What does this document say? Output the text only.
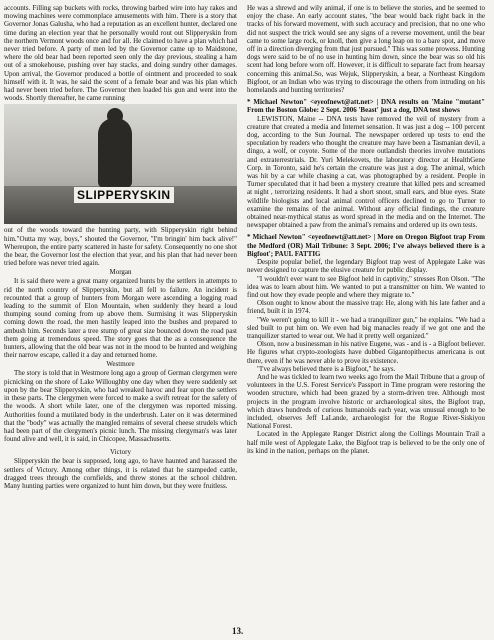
accounts. Filling sap buckets with rocks, throwing barbed wire into hay rakes and mowing machines were commonplace amusements with him. There is a story that Governor Jonas Galusha, who had a reputation as an excellent hunter, declared one time during an election year that he personally would rout out Slipperyskin from the northern Vermont woods once and for all. He claimed to have a plan which had never tried before. A party of men led by the Governor came up to Maidstone, where the old bear had been reported seen only the day previous, stealing a ham out of a smokehouse, pushing over hay stacks, and doing sundry other damages. Upon arrival, the Governor produced a bottle of ointment and proceeded to soak himself with it. It was, he said the scent of a female bear and was his plan which had never been tried before. The Governor then loaded his gun and went into the woods. Shortly thereafter, he came running

SLIPPERYSKIN

out of the woods toward the hunting party, with Slipperyskin right behind him."Outta my way, boys," shouted the Governor, "I'm bringin' him back alive!" Whereupon, the entire party scattered in haste for safety. Consequently no one shot the bear, the Governor lost the election that year, and his plan that had never been tried before was never tried again.

Morgan

It is said there were a great many organized hunts by the settlers in attempts to rid the north country of Slipperyskin, but all fell to failure. An incident is recounted that a group of hunters from Morgan were ascending a logging road leading to the summit of Elon Mountain, when suddenly they heard a loud thumping sound coming from up above them. Surmising it was Slipperyskin coming down the road, the men hastily leaped into the bushes and prepared to ambush him. Seconds later a tree stump of great size bounced down the road past them going at tremendous speed. The story goes that the as a consequence the hunters, allowing that the old bear was not in the mood to be hunted and weighing their narrow escape, called it a day and returned home.

Westmore

The story is told that in Westmore long ago a group of German clergymen were picnicking on the shore of Lake Willoughby one day when they were suddenly set upon by the bear Slipperyskin, who had wreaked havoc and fear upon the settlers in these parts. The clergymen were forced to make a swift retreat for the safety of the woods. A short while later, one of the clergymen was reported missing. Authorities found a mutilated body in the underbrush. Later on it was determined that the "body" was actually the mangled remains of several cheese strudels which had been part of the clergymen's picnic lunch. The missing clergyman's was later found alive and well, it is said, in Chicopee, Massachusetts.

Victory

Slipperyskin the bear is supposed, long ago, to have haunted and harassed the settlers of Victory. Among other things, it is related that he stampeded cattle, dragged trees through the cornfields, and threw stones at the school children. Many hunting parties were organized to hunt him down, but they were fruitless.

He was a shrewd and wily animal, if one is to believe the stories, and he seemed to enjoy the chase. An early account states, "the bear would back right back in the tracks of his forward movement, with such accuracy and precision, that no one who did not suspect the trick would see any signs of a reverse movement, until the bear came to some large rock, or knoll, then give a long leap on to a bare spot, and move off in a direction diverging from that just pursued." This was some prowess. Hunting dogs were said to be of no use in hunting him down, since the bear was so old his scent had long before worn off. However, it is difficult to separate fact from hearsay concerning this animal.So, was Wejuk, Slipperyskin, a bear, a Northeast Kingdom Bigfoot, or an Indian who was trying to discourage the others from intruding on his homelands and hunting territories?

* Michael Newton" <eyeofnewt@att.net> | DNA results on 'Maine "mutant" From the Boston Globe: 2 Sept. 2006 'Beast' just a dog, DNA test shows

LEWISTON, Maine -- DNA tests have removed the veil of mystery from a creature that created a media and Internet sensation. It was just a dog -- 100 percent dog, according to the Sun Journal. The newspaper ordered up tests to end the speculation by readers who thought the creature may have been a Tasmanian devil, a dingo, a wolf, or coyote. Some of the more outlandish theories involve mutations and extraterrestrials. Dr. Yuri Melekovets, the laboratory director at HealthGene Corp. in Toronto, said he's certain the creature was just a dog. The animal, which was hit by a car while chasing a cat, was photographed by a resident. People in Turner speculated that it had been a mystery creature that killed pets and screamed at night , terrorizing residents. It had a short snout, small ears, and blue eyes. State wildlife biologists and local animal control officers declined to go to Turner to examine the remains of the animal. Without any official findings, the creature obtained near-mythical status as word spread in the media and on the Internet. The newspaper obtained a paw from the animal's remains and ordered up its own tests.

* Michael Newton" <eyeofnewt@att.net> | More on Oregon Bigfoot trap From the Medford (OR) Mail Tribune: 3 Sept. 2006; I've always believed there is a Bigfoot'; PAUL FATTIG

Despite popular belief, the legendary Bigfoot trap west of Applegate Lake was never designed to capture the elusive creature for public display.

"I wouldn't ever want to see Bigfoot held in captivity," stresses Ron Olson. "The idea was to learn about him. We wanted to put a transmitter on him. We wanted to find out how they evade people and where they migrate to."

Olson ought to know about the massive trap: He, along with his late father and a friend, built it in 1974.

"We weren't going to kill it - we had a tranquilizer gun," he explains. "We had a sled built to put him on. We even had big manacles ready if we got one and the tranquilizer started to wear out. We had it pretty well organized."

Olson, now a businessman in his native Eugene, was - and is - a Bigfoot believer. He figures what crypto-zoologists have dubbed Gigantopithecus americana is out there, even if he was never able to prove its existence.

"I've always believed there is a Bigfoot," he says.

And he was tickled to learn two weeks ago from the Mail Tribune that a group of volunteers in the U.S. Forest Service's Passport in Time program were restoring the wooden structure, which had been grazed by a storm-driven tree. Although most projects in the program involve historic or archaeological sites, the Bigfoot trap, which draws hundreds of curious humanoids each year, was unusual enough to be included, observes Jeff LaLande, archaeologist for the Rogue River-Siskiyou National Forest.

Located in the Applegate Ranger District along the Collings Mountain Trail a half mile west of Applegate Lake, the Bigfoot trap is believed to be the only one of its kind in the nation, perhaps on the planet.

13.
